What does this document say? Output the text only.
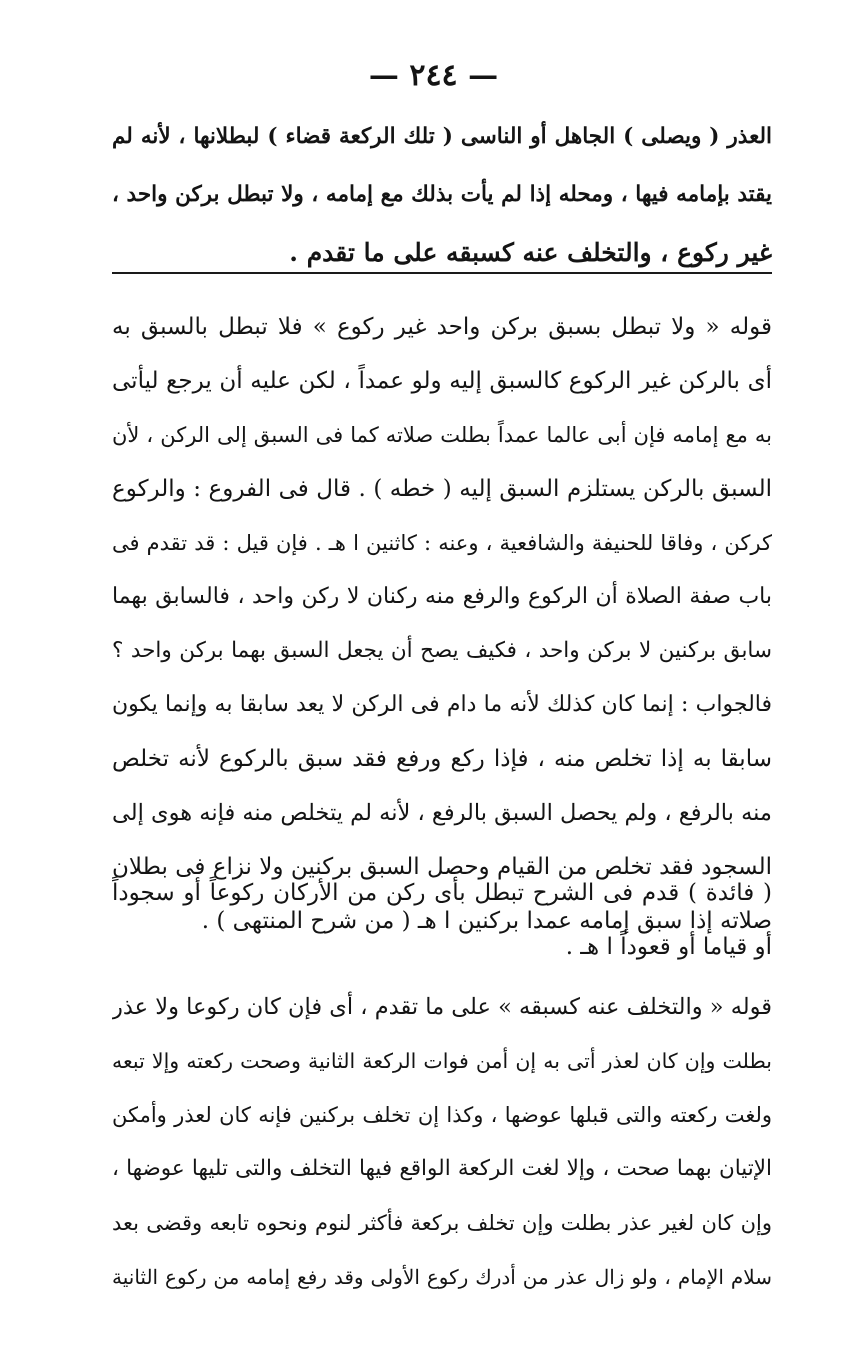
— ٢٤٤ —
العذر ( ويصلى ) الجاهل أو الناسى ( تلك الركعة قضاء ) لبطلانها ، لأنه لم
يقتد بإمامه فيها ، ومحله إذا لم يأت بذلك مع إمامه ، ولا تبطل بركن واحد ،
غير ركوع ، والتخلف عنه كسبقه على ما تقدم .
قوله « ولا تبطل بسبق بركن واحد غير ركوع » فلا تبطل بالسبق به
أى بالركن غير الركوع كالسبق إليه ولو عمداً ، لكن عليه أن يرجع ليأتى
به مع إمامه فإن أبى عالما عمداً بطلت صلاته كما فى السبق إلى الركن ، لأن
السبق بالركن يستلزم السبق إليه ( خطه ) . قال فى الفروع : والركوع
كركن ، وفاقا للحنيفة والشافعية ، وعنه : كاثنين ا هـ . فإن قيل : قد تقدم فى
باب صفة الصلاة أن الركوع والرفع منه ركنان لا ركن واحد ، فالسابق بهما
سابق بركنين لا بركن واحد ، فكيف يصح أن يجعل السبق بهما بركن واحد ؟
فالجواب : إنما كان كذلك لأنه ما دام فى الركن لا يعد سابقا به وإنما يكون
سابقا به إذا تخلص منه ، فإذا ركع ورفع فقد سبق بالركوع لأنه تخلص
منه بالرفع ، ولم يحصل السبق بالرفع ، لأنه لم يتخلص منه فإنه هوى إلى
السجود فقد تخلص من القيام وحصل السبق بركنين ولا نزاع فى بطلان
صلاته إذا سبق إمامه عمدا بركنين ا هـ ( من شرح المنتهى ) .
( فائدة ) قدم فى الشرح تبطل بأى ركن من الأركان ركوعاً أو سجوداً
أو قياما أو قعوداً ا هـ .
قوله « والتخلف عنه كسبقه » على ما تقدم ، أى فإن كان ركوعا ولا عذر
بطلت وإن كان لعذر أتى به إن أمن فوات الركعة الثانية وصحت ركعته وإلا تبعه
ولغت ركعته والتى قبلها عوضها ، وكذا إن تخلف بركنين فإنه كان لعذر وأمكن
الإتيان بهما صحت ، وإلا لغت الركعة الواقع فيها التخلف والتى تليها عوضها ،
وإن كان لغير عذر بطلت وإن تخلف بركعة فأكثر لنوم ونحوه تابعه وقضى بعد
سلام الإمام ، ولو زال عذر من أدرك ركوع الأولى وقد رفع إمامه من ركوع الثانية
